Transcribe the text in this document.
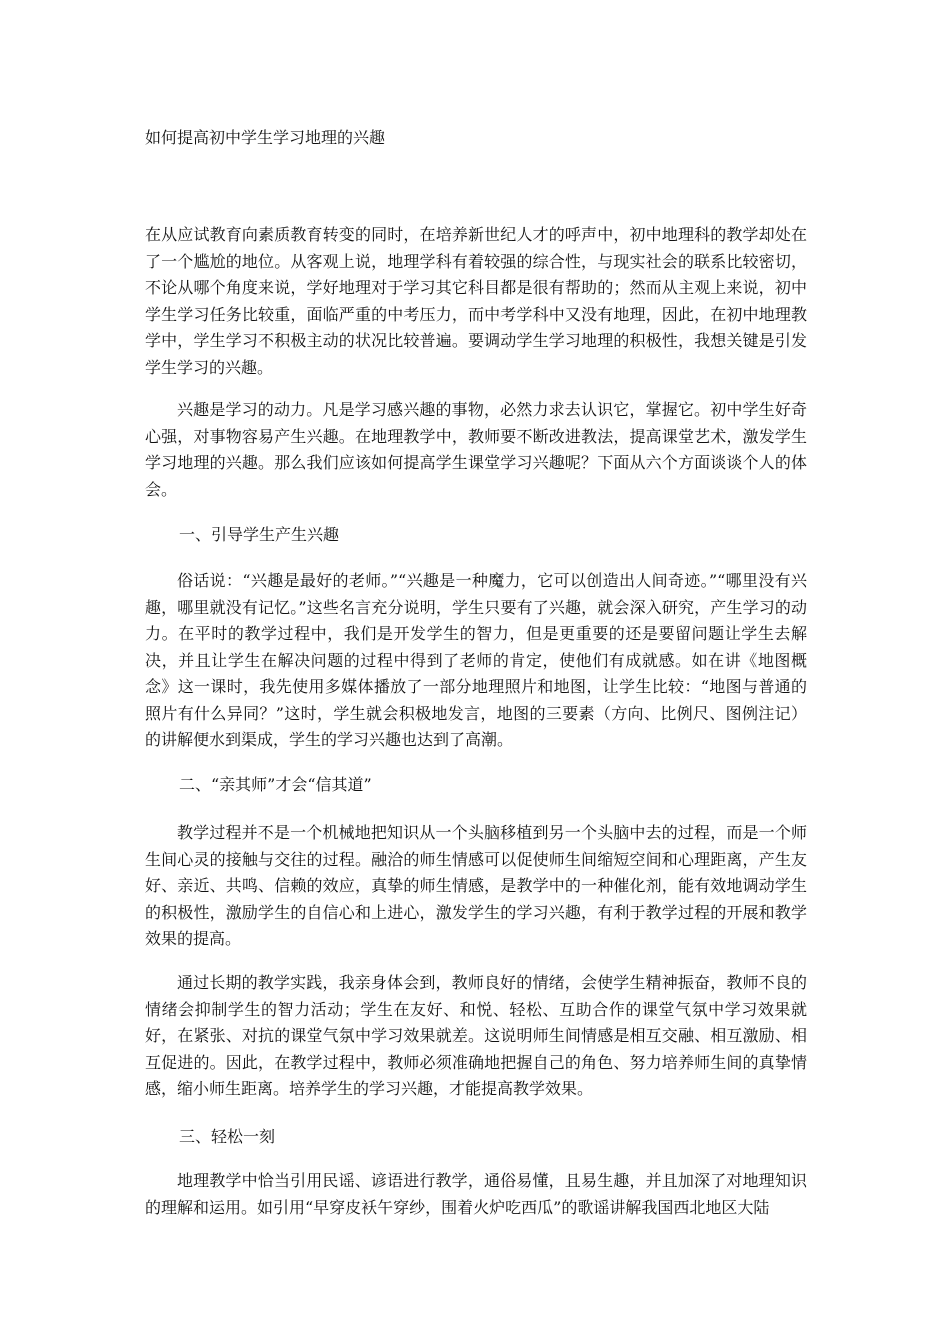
如何提高初中学生学习地理的兴趣

在从应试教育向素质教育转变的同时，在培养新世纪人才的呼声中，初中地理科的教学却处在了一个尴尬的地位。从客观上说，地理学科有着较强的综合性，与现实社会的联系比较密切，不论从哪个角度来说，学好地理对于学习其它科目都是很有帮助的；然而从主观上来说，初中学生学习任务比较重，面临严重的中考压力，而中考学科中又没有地理，因此，在初中地理教学中，学生学习不积极主动的状况比较普遍。要调动学生学习地理的积极性，我想关键是引发学生学习的兴趣。

兴趣是学习的动力。凡是学习感兴趣的事物，必然力求去认识它，掌握它。初中学生好奇心强，对事物容易产生兴趣。在地理教学中，教师要不断改进教法，提高课堂艺术，激发学生学习地理的兴趣。那么我们应该如何提高学生课堂学习兴趣呢？下面从六个方面谈谈个人的体会。

一、引导学生产生兴趣

俗话说：“兴趣是最好的老师。”“兴趣是一种魔力，它可以创造出人间奇迹。”“哪里没有兴趣，哪里就没有记忆。”这些名言充分说明，学生只要有了兴趣，就会深入研究，产生学习的动力。在平时的教学过程中，我们是开发学生的智力，但是更重要的还是要留问题让学生去解决，并且让学生在解决问题的过程中得到了老师的肯定，使他们有成就感。如在讲《地图概念》这一课时，我先使用多媒体播放了一部分地理照片和地图，让学生比较：“地图与普通的照片有什么异同？”这时，学生就会积极地发言，地图的三要素（方向、比例尺、图例注记）的讲解便水到渠成，学生的学习兴趣也达到了高潮。

二、“亲其师”才会“信其道”

教学过程并不是一个机械地把知识从一个头脑移植到另一个头脑中去的过程，而是一个师生间心灵的接触与交往的过程。融洽的师生情感可以促使师生间缩短空间和心理距离，产生友好、亲近、共鸣、信赖的效应，真挚的师生情感，是教学中的一种催化剂，能有效地调动学生的积极性，激励学生的自信心和上进心，激发学生的学习兴趣，有利于教学过程的开展和教学效果的提高。

通过长期的教学实践，我亲身体会到，教师良好的情绪，会使学生精神振奋，教师不良的情绪会抑制学生的智力活动；学生在友好、和悦、轻松、互助合作的课堂气氛中学习效果就好，在紧张、对抗的课堂气氛中学习效果就差。这说明师生间情感是相互交融、相互激励、相互促进的。因此，在教学过程中，教师必须准确地把握自己的角色、努力培养师生间的真挚情感，缩小师生距离。培养学生的学习兴趣，才能提高教学效果。

三、轻松一刻

地理教学中恰当引用民谣、谚语进行教学，通俗易懂，且易生趣，并且加深了对地理知识的理解和运用。如引用“早穿皮袄午穿纱，围着火炉吃西瓜”的歌谣讲解我国西北地区大陆
